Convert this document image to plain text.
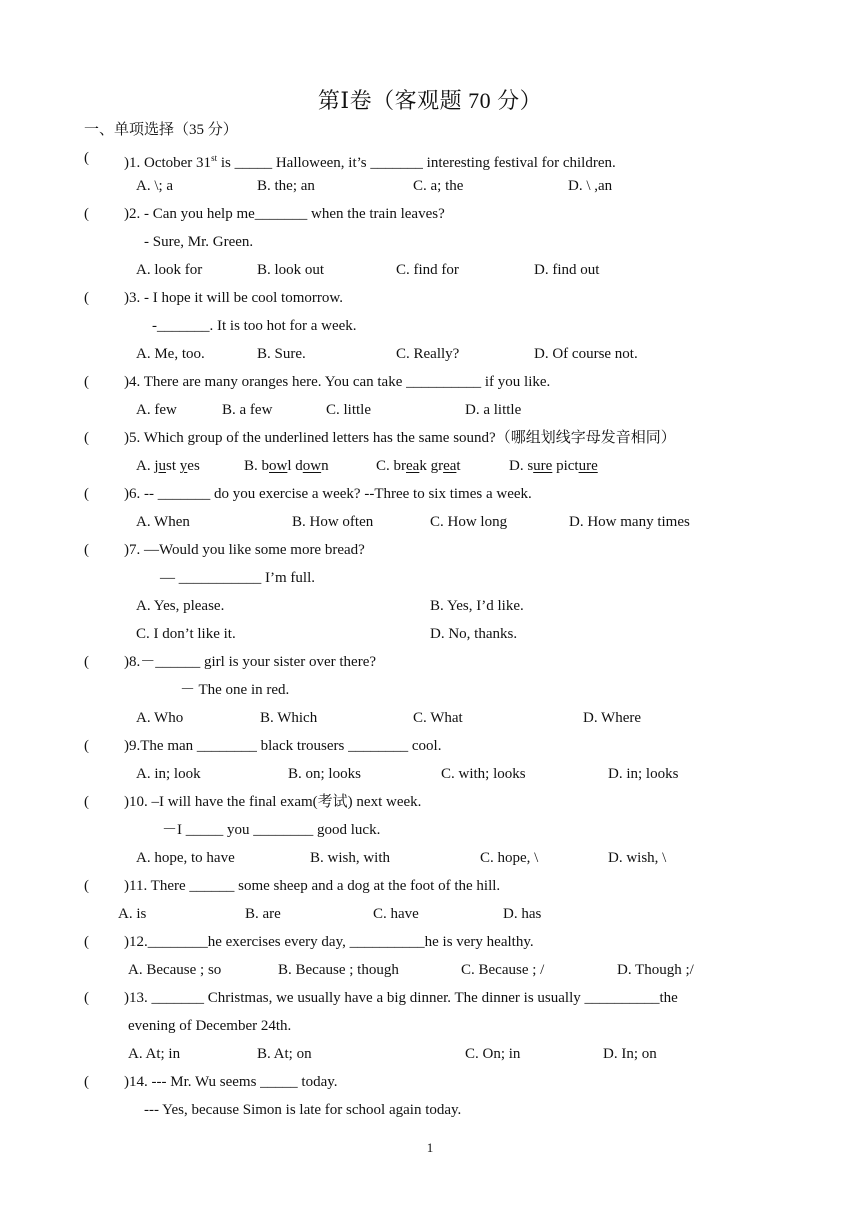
第Ⅰ卷（客观题 70 分）
一、单项选择（35 分）
( )1. October 31st is _____ Halloween, it’s _______ interesting festival for children.
A. \; a	B. the; an	C. a; the	D. \ ,an
( )2. - Can you help me_______ when the train leaves?
- Sure, Mr. Green.
A. look for	B. look out	C. find for	D. find out
( )3. - I hope it will be cool tomorrow.
-_______. It is too hot for a week.
A. Me, too.	B. Sure.	C. Really?	D. Of course not.
( )4. There are many oranges here. You can take __________ if you like.
A. few	B. a few	C. little	D. a little
( )5. Which group of the underlined letters has the same sound?（哪组划线字母发音相同）
A. just yes	B. bowl down	C. break great	D. sure picture
( )6. -- _______ do you exercise a week? --Three to six times a week.
A. When	B. How often	C. How long	D. How many times
( )7. —Would you like some more bread?
— ___________ I’m full.
A. Yes, please.	B. Yes, I’d like.
C. I don’t like it.	D. No, thanks.
( )8.－______ girl is your sister over there?
－ The one in red.
A. Who	B. Which	C. What	D. Where
( )9.The man ________ black trousers ________ cool.
A. in; look	B. on; looks	C. with; looks	D. in; looks
( )10. –I will have the final exam(考试) next week.
－I _____ you ________ good luck.
A. hope, to have	B. wish, with	C. hope, \	D. wish, \
( )11. There ______ some sheep and a dog at the foot of the hill.
A. is	B. are	C. have	D. has
( )12.________he exercises every day, __________he is very healthy.
A. Because ; so	B. Because ; though	C. Because ; /	D. Though ;/
( )13. _______ Christmas, we usually have a big dinner. The dinner is usually __________the
evening of December 24th.
A. At; in	B. At; on	C. On; in	D. In; on
( )14. --- Mr. Wu seems _____ today.
--- Yes, because Simon is late for school again today.
1
